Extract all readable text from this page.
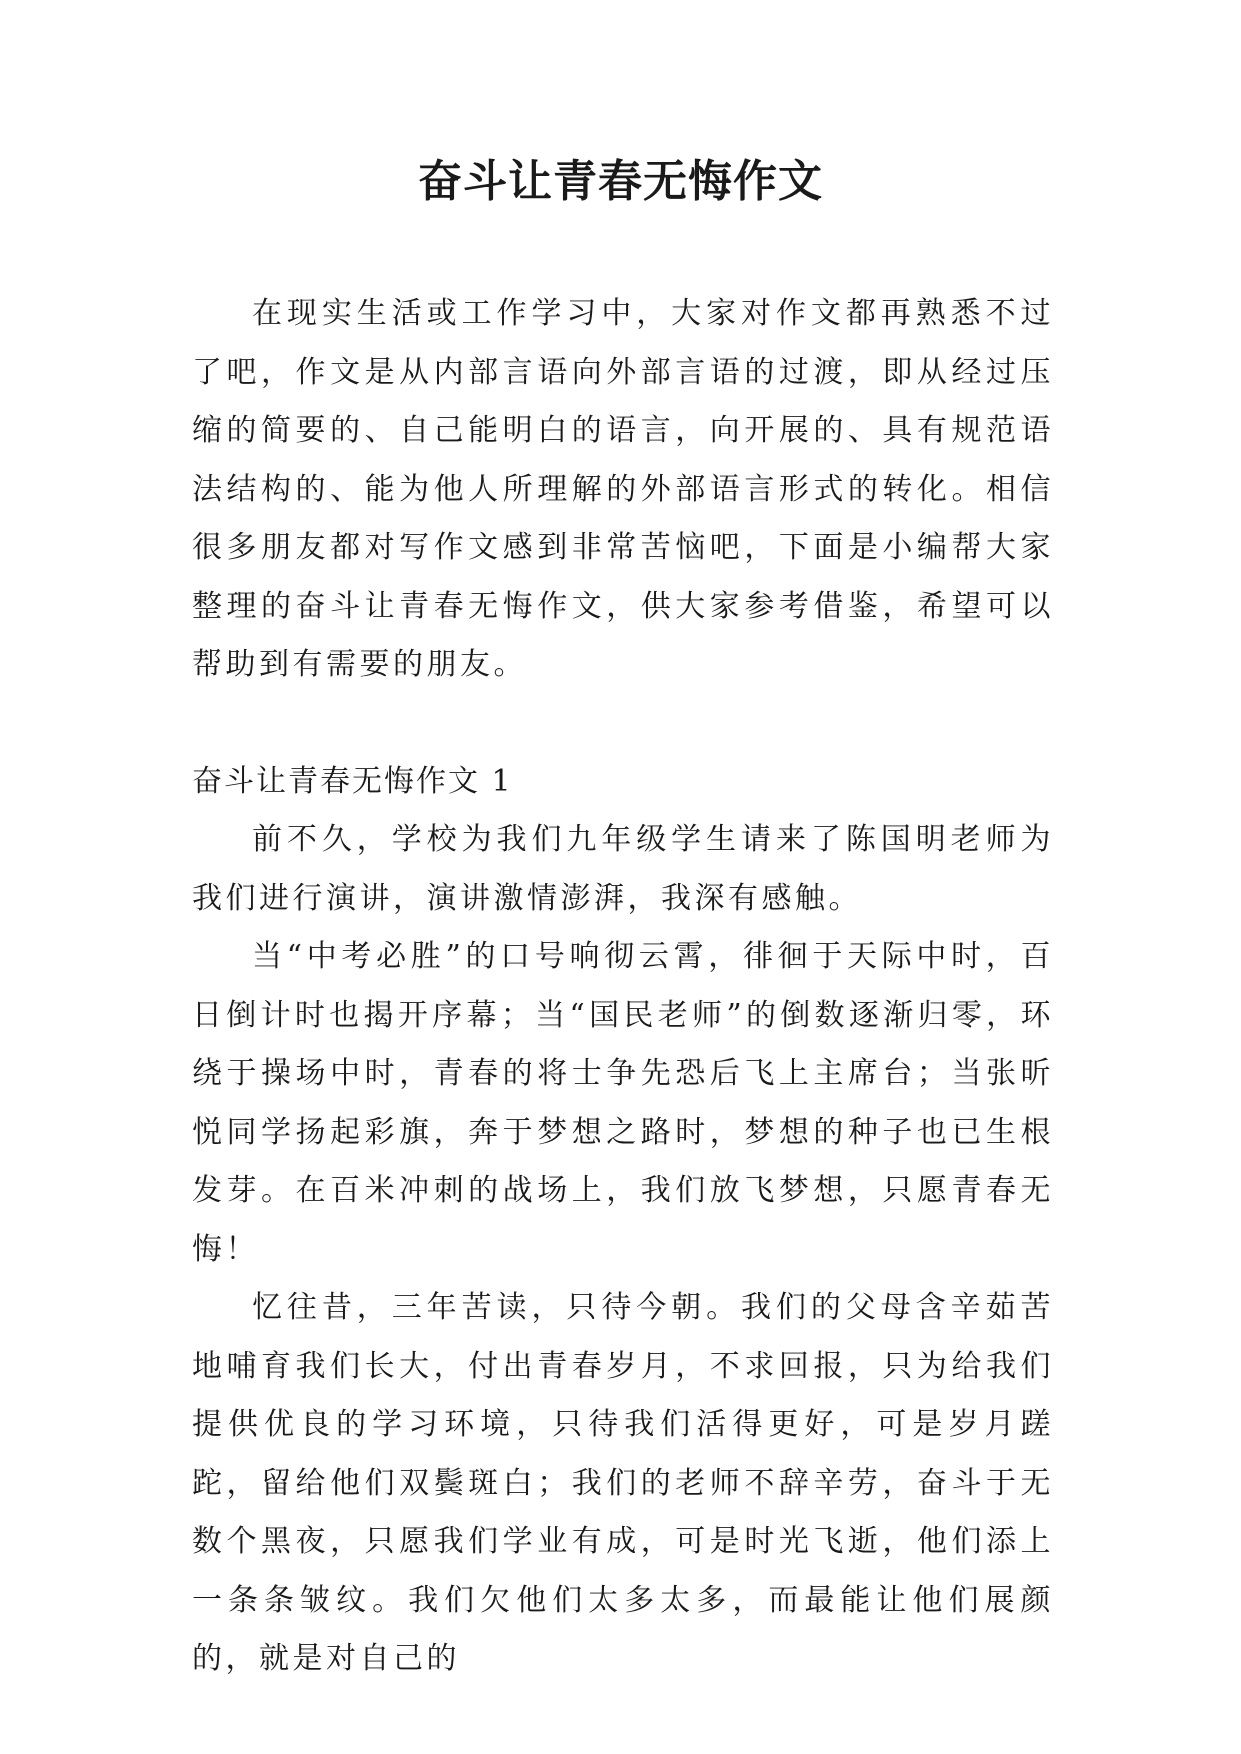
奋斗让青春无悔作文

在现实生活或工作学习中，大家对作文都再熟悉不过了吧，作文是从内部言语向外部言语的过渡，即从经过压缩的简要的、自己能明白的语言，向开展的、具有规范语法结构的、能为他人所理解的外部语言形式的转化。相信很多朋友都对写作文感到非常苦恼吧，下面是小编帮大家整理的奋斗让青春无悔作文，供大家参考借鉴，希望可以帮助到有需要的朋友。

奋斗让青春无悔作文 1

前不久，学校为我们九年级学生请来了陈国明老师为我们进行演讲，演讲激情澎湃，我深有感触。

当“中考必胜”的口号响彻云霄，徘徊于天际中时，百日倒计时也揭开序幕；当“国民老师”的倒数逐渐归零，环绕于操场中时，青春的将士争先恐后飞上主席台；当张昕悦同学扬起彩旗，奔于梦想之路时，梦想的种子也已生根发芽。在百米冲刺的战场上，我们放飞梦想，只愿青春无悔！

忆往昔，三年苦读，只待今朝。我们的父母含辛茹苦地哺育我们长大，付出青春岁月，不求回报，只为给我们提供优良的学习环境，只待我们活得更好，可是岁月蹉跎，留给他们双鬓斑白；我们的老师不辞辛劳，奋斗于无数个黑夜，只愿我们学业有成，可是时光飞逝，他们添上一条条皱纹。我们欠他们太多太多，而最能让他们展颜的，就是对自己的
